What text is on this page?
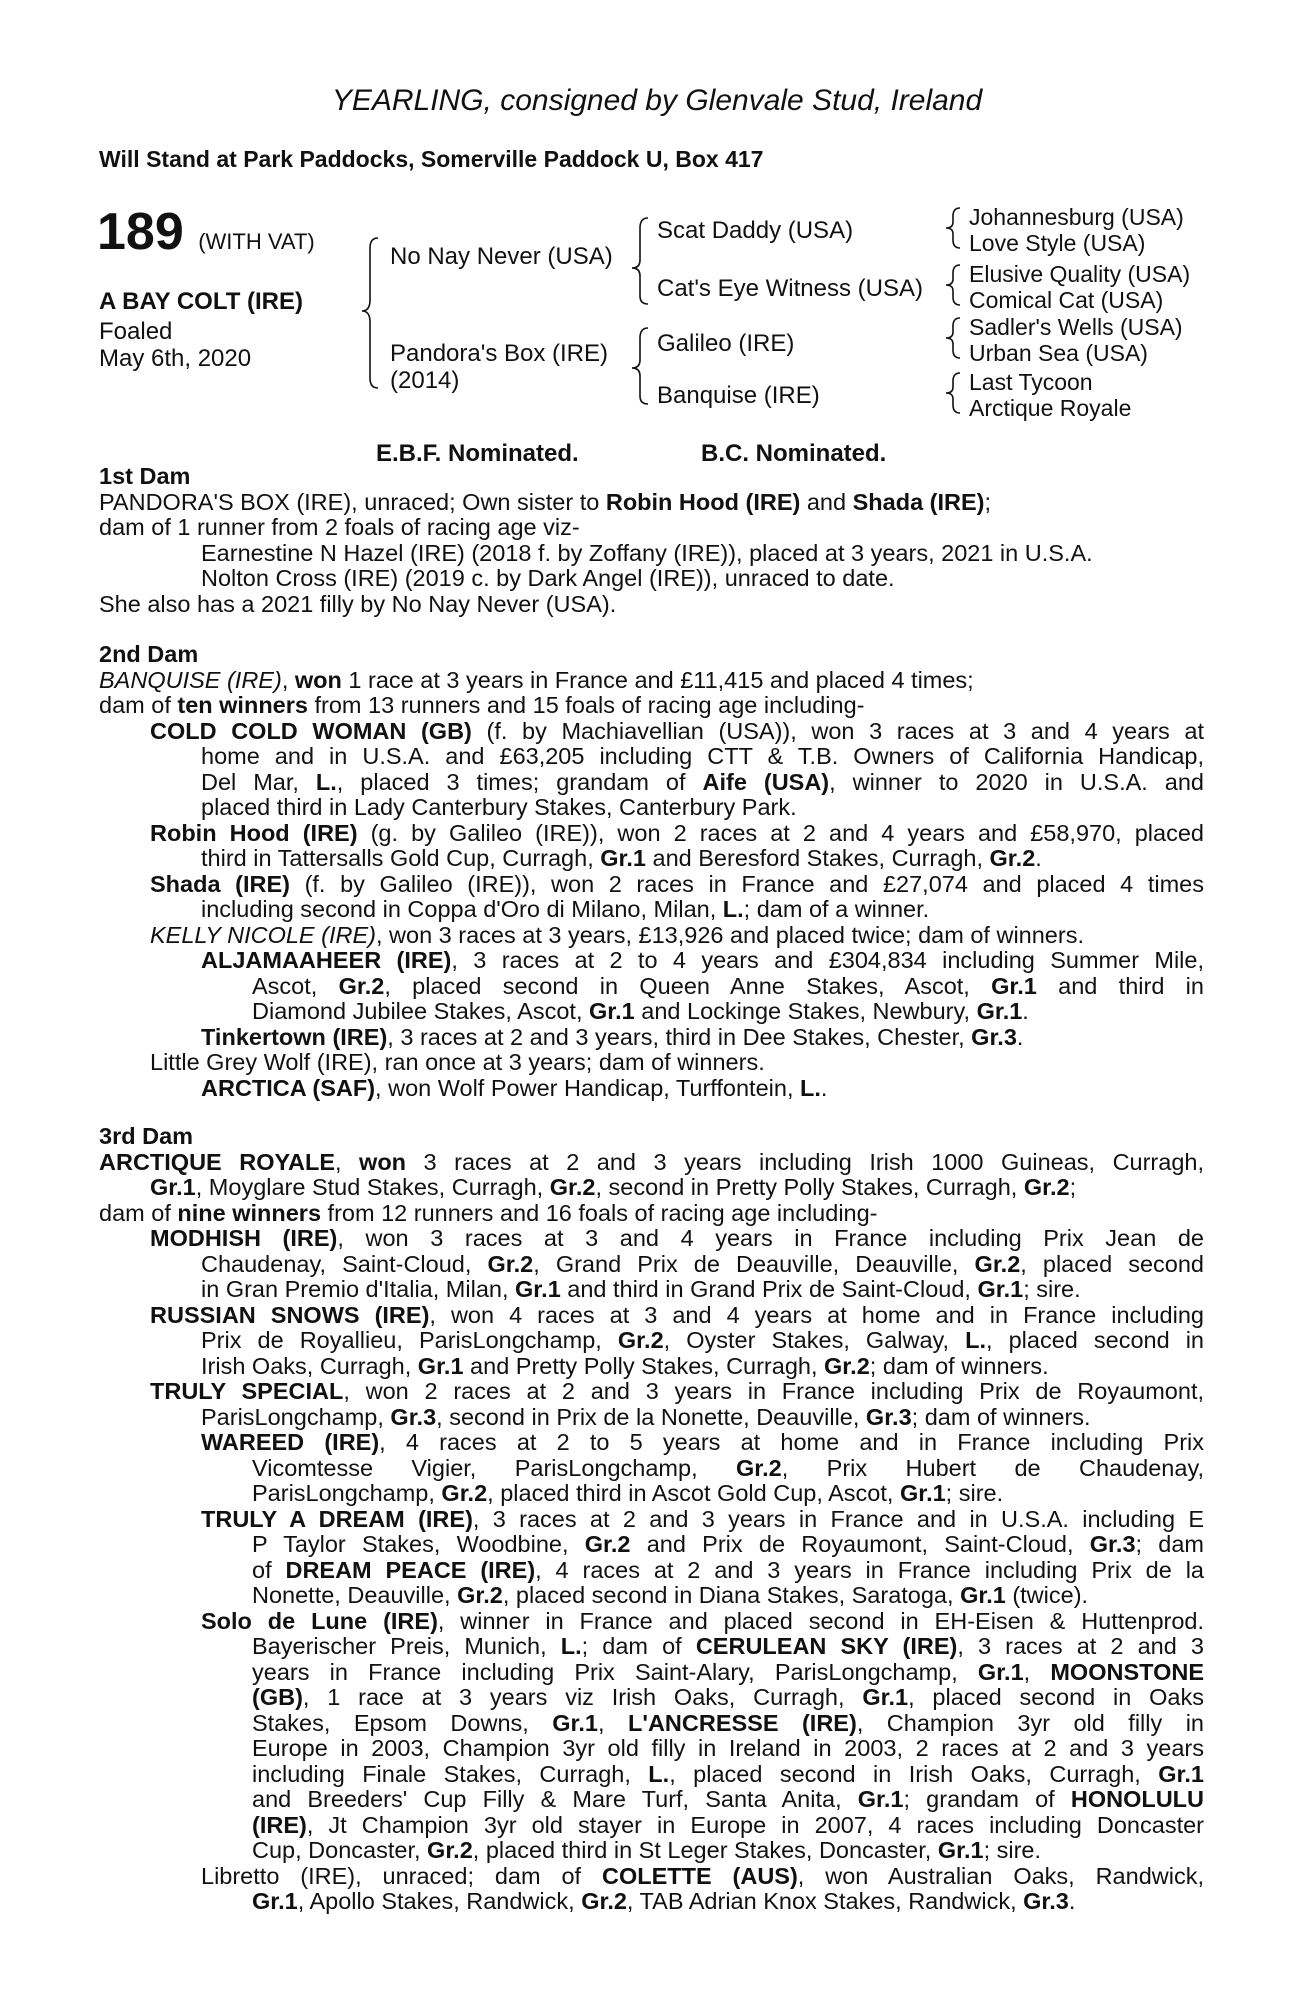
YEARLING, consigned by Glenvale Stud, Ireland
Will Stand at Park Paddocks, Somerville Paddock U, Box 417
189 (WITH VAT)
A BAY COLT (IRE)
Foaled
May 6th, 2020
No Nay Never (USA)
Pandora's Box (IRE)
(2014)
Scat Daddy (USA)
Cat's Eye Witness (USA)
Galileo (IRE)
Banquise (IRE)
Johannesburg (USA)
Love Style (USA)
Elusive Quality (USA)
Comical Cat (USA)
Sadler's Wells (USA)
Urban Sea (USA)
Last Tycoon
Arctique Royale
E.B.F. Nominated.	B.C. Nominated.
1st Dam
PANDORA'S BOX (IRE), unraced; Own sister to Robin Hood (IRE) and Shada (IRE);
dam of 1 runner from 2 foals of racing age viz-
Earnestine N Hazel (IRE) (2018 f. by Zoffany (IRE)), placed at 3 years, 2021 in U.S.A.
Nolton Cross (IRE) (2019 c. by Dark Angel (IRE)), unraced to date.
She also has a 2021 filly by No Nay Never (USA).
2nd Dam
BANQUISE (IRE), won 1 race at 3 years in France and £11,415 and placed 4 times;
dam of ten winners from 13 runners and 15 foals of racing age including-
COLD COLD WOMAN (GB) (f. by Machiavellian (USA)), won 3 races at 3 and 4 years at
home and in U.S.A. and £63,205 including CTT & T.B. Owners of California Handicap,
Del Mar, L., placed 3 times; grandam of Aife (USA), winner to 2020 in U.S.A. and
placed third in Lady Canterbury Stakes, Canterbury Park.
Robin Hood (IRE) (g. by Galileo (IRE)), won 2 races at 2 and 4 years and £58,970, placed
third in Tattersalls Gold Cup, Curragh, Gr.1 and Beresford Stakes, Curragh, Gr.2.
Shada (IRE) (f. by Galileo (IRE)), won 2 races in France and £27,074 and placed 4 times
including second in Coppa d'Oro di Milano, Milan, L.; dam of a winner.
KELLY NICOLE (IRE), won 3 races at 3 years, £13,926 and placed twice; dam of winners.
ALJAMAAHEER (IRE), 3 races at 2 to 4 years and £304,834 including Summer Mile,
Ascot, Gr.2, placed second in Queen Anne Stakes, Ascot, Gr.1 and third in
Diamond Jubilee Stakes, Ascot, Gr.1 and Lockinge Stakes, Newbury, Gr.1.
Tinkertown (IRE), 3 races at 2 and 3 years, third in Dee Stakes, Chester, Gr.3.
Little Grey Wolf (IRE), ran once at 3 years; dam of winners.
ARCTICA (SAF), won Wolf Power Handicap, Turffontein, L..
3rd Dam
ARCTIQUE ROYALE, won 3 races at 2 and 3 years including Irish 1000 Guineas, Curragh,
Gr.1, Moyglare Stud Stakes, Curragh, Gr.2, second in Pretty Polly Stakes, Curragh, Gr.2;
dam of nine winners from 12 runners and 16 foals of racing age including-
MODHISH (IRE), won 3 races at 3 and 4 years in France including Prix Jean de
Chaudenay, Saint-Cloud, Gr.2, Grand Prix de Deauville, Deauville, Gr.2, placed second
in Gran Premio d'Italia, Milan, Gr.1 and third in Grand Prix de Saint-Cloud, Gr.1; sire.
RUSSIAN SNOWS (IRE), won 4 races at 3 and 4 years at home and in France including
Prix de Royallieu, ParisLongchamp, Gr.2, Oyster Stakes, Galway, L., placed second in
Irish Oaks, Curragh, Gr.1 and Pretty Polly Stakes, Curragh, Gr.2; dam of winners.
TRULY SPECIAL, won 2 races at 2 and 3 years in France including Prix de Royaumont,
ParisLongchamp, Gr.3, second in Prix de la Nonette, Deauville, Gr.3; dam of winners.
WAREED (IRE), 4 races at 2 to 5 years at home and in France including Prix
Vicomtesse Vigier, ParisLongchamp, Gr.2, Prix Hubert de Chaudenay,
ParisLongchamp, Gr.2, placed third in Ascot Gold Cup, Ascot, Gr.1; sire.
TRULY A DREAM (IRE), 3 races at 2 and 3 years in France and in U.S.A. including E
P Taylor Stakes, Woodbine, Gr.2 and Prix de Royaumont, Saint-Cloud, Gr.3; dam
of DREAM PEACE (IRE), 4 races at 2 and 3 years in France including Prix de la
Nonette, Deauville, Gr.2, placed second in Diana Stakes, Saratoga, Gr.1 (twice).
Solo de Lune (IRE), winner in France and placed second in EH-Eisen & Huttenprod.
Bayerischer Preis, Munich, L.; dam of CERULEAN SKY (IRE), 3 races at 2 and 3
years in France including Prix Saint-Alary, ParisLongchamp, Gr.1, MOONSTONE
(GB), 1 race at 3 years viz Irish Oaks, Curragh, Gr.1, placed second in Oaks
Stakes, Epsom Downs, Gr.1, L'ANCRESSE (IRE), Champion 3yr old filly in
Europe in 2003, Champion 3yr old filly in Ireland in 2003, 2 races at 2 and 3 years
including Finale Stakes, Curragh, L., placed second in Irish Oaks, Curragh, Gr.1
and Breeders' Cup Filly & Mare Turf, Santa Anita, Gr.1; grandam of HONOLULU
(IRE), Jt Champion 3yr old stayer in Europe in 2007, 4 races including Doncaster
Cup, Doncaster, Gr.2, placed third in St Leger Stakes, Doncaster, Gr.1; sire.
Libretto (IRE), unraced; dam of COLETTE (AUS), won Australian Oaks, Randwick,
Gr.1, Apollo Stakes, Randwick, Gr.2, TAB Adrian Knox Stakes, Randwick, Gr.3.
